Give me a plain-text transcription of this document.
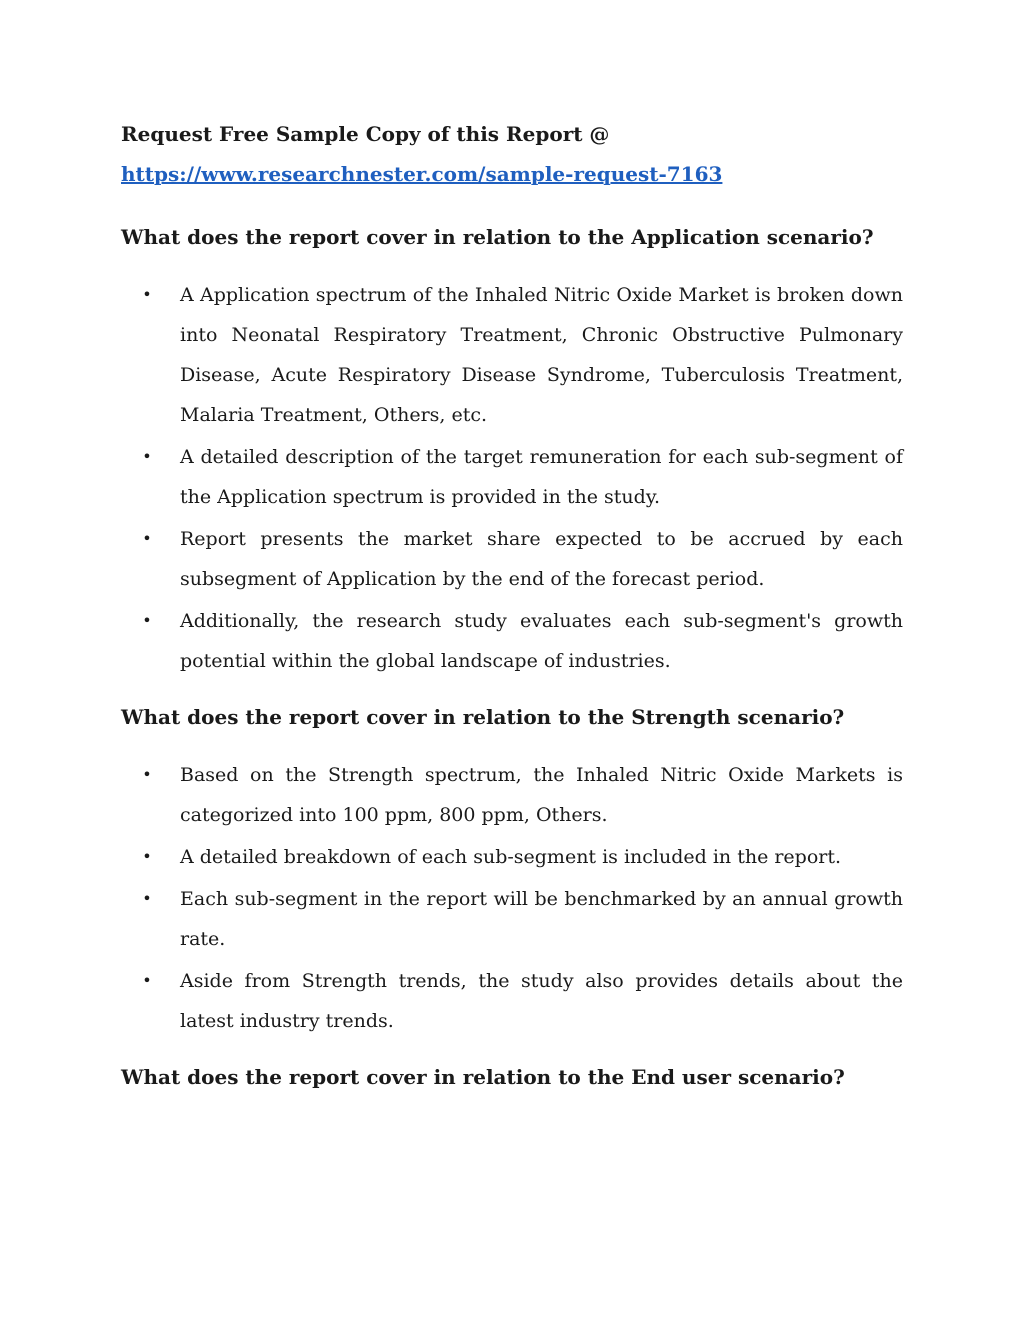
Request Free Sample Copy of this Report @

https://www.researchnester.com/sample-request-7163

What does the report cover in relation to the Application scenario?

• A Application spectrum of the Inhaled Nitric Oxide Market is broken down into Neonatal Respiratory Treatment, Chronic Obstructive Pulmonary Disease, Acute Respiratory Disease Syndrome, Tuberculosis Treatment, Malaria Treatment, Others, etc.
• A detailed description of the target remuneration for each sub-segment of the Application spectrum is provided in the study.
• Report presents the market share expected to be accrued by each subsegment of Application by the end of the forecast period.
• Additionally, the research study evaluates each sub-segment's growth potential within the global landscape of industries.

What does the report cover in relation to the Strength scenario?

• Based on the Strength spectrum, the Inhaled Nitric Oxide Markets is categorized into 100 ppm, 800 ppm, Others.
• A detailed breakdown of each sub-segment is included in the report.
• Each sub-segment in the report will be benchmarked by an annual growth rate.
• Aside from Strength trends, the study also provides details about the latest industry trends.

What does the report cover in relation to the End user scenario?
